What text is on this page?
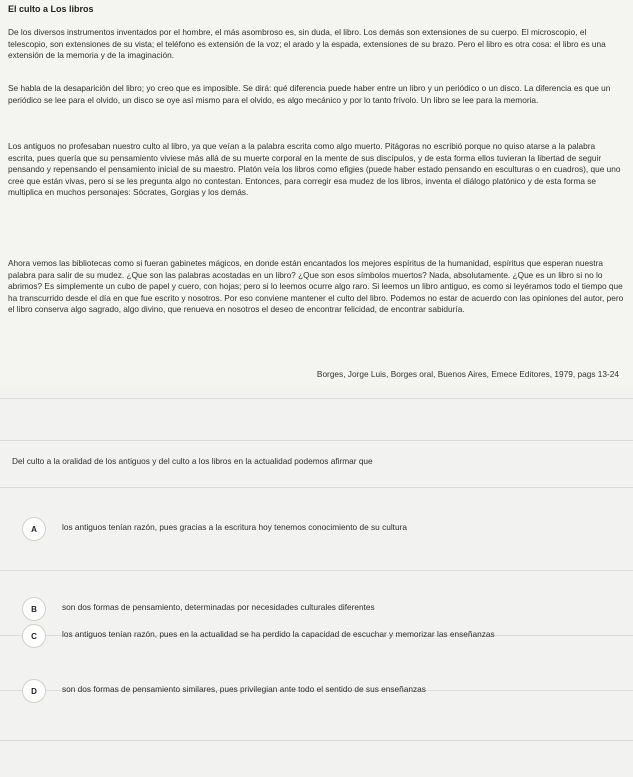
El culto a Los libros

De los diversos instrumentos inventados por el hombre, el más asombroso es, sin duda, el libro. Los demás son extensiones de su cuerpo. El microscopio, el telescopio, son extensiones de su vista; el teléfono es extensión de la voz; el arado y la espada, extensiones de su brazo. Pero el libro es otra cosa: el libro es una extensión de la memoria y de la imaginación.

Se habla de la desaparición del libro; yo creo que es imposible. Se dirá: qué diferencia puede haber entre un libro y un periódico o un disco. La diferencia es que un periódico se lee para el olvido, un disco se oye así mismo para el olvido, es algo mecánico y por lo tanto frívolo. Un libro se lee para la memoria.

Los antiguos no profesaban nuestro culto al libro, ya que veían a la palabra escrita como algo muerto. Pitágoras no escribió porque no quiso atarse a la palabra escrita, pues quería que su pensamiento viviese más allá de su muerte corporal en la mente de sus discípulos, y de esta forma ellos tuvieran la libertad de seguir pensando y repensando el pensamiento inicial de su maestro. Platón veía los libros como efigies (puede haber estado pensando en esculturas o en cuadros), que uno cree que están vivas, pero si se les pregunta algo no contestan. Entonces, para corregir esa mudez de los libros, inventa el diálogo platónico y de esta forma se multiplica en muchos personajes: Sócrates, Gorgias y los demás.

Ahora vemos las bibliotecas como si fueran gabinetes mágicos, en donde están encantados los mejores espíritus de la humanidad, espíritus que esperan nuestra palabra para salir de su mudez. ¿Que son las palabras acostadas en un libro? ¿Que son esos símbolos muertos? Nada, absolutamente. ¿Que es un libro si no lo abrimos? Es simplemente un cubo de papel y cuero, con hojas; pero si lo leemos ocurre algo raro. Si leemos un libro antiguo, es como si leyéramos todo el tiempo que ha transcurrido desde el día en que fue escrito y nosotros. Por eso conviene mantener el culto del libro. Podemos no estar de acuerdo con las opiniones del autor, pero el libro conserva algo sagrado, algo divino, que renueva en nosotros el deseo de encontrar felicidad, de encontrar sabiduría.

Borges, Jorge Luis, Borges oral, Buenos Aires, Emece Editores, 1979, pags 13-24
Del culto a la oralidad de los antiguos y del culto a los libros en la actualidad podemos afirmar que
A	los antiguos tenían razón, pues gracias a la escritura hoy tenemos conocimiento de su cultura
B	son dos formas de pensamiento, determinadas por necesidades culturales diferentes
C	los antiguos tenían razón, pues en la actualidad se ha perdido la capacidad de escuchar y memorizar las enseñanzas
D	son dos formas de pensamiento similares, pues privilegian ante todo el sentido de sus enseñanzas
